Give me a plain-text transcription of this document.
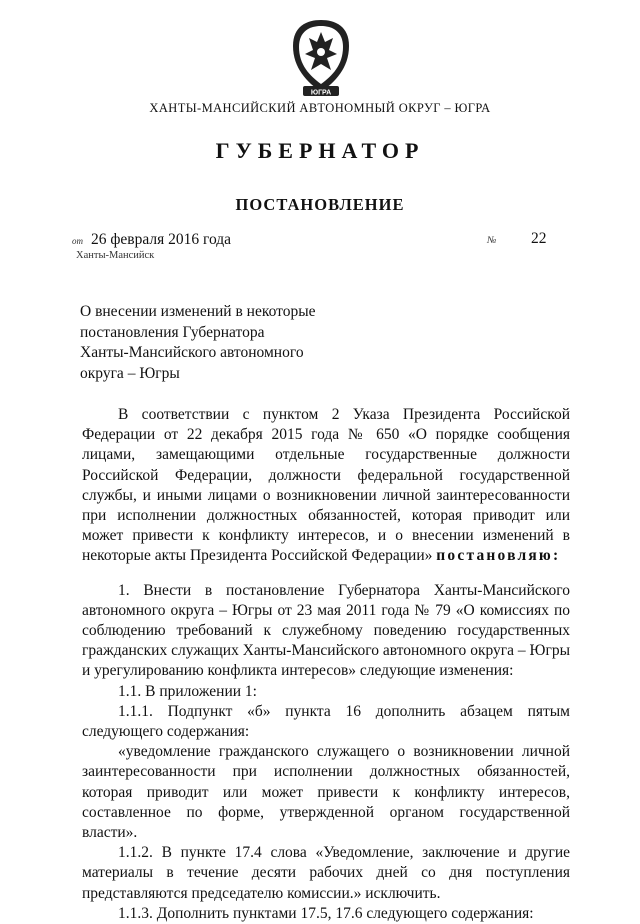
ЮГРА
ХАНТЫ-МАНСИЙСКИЙ АВТОНОМНЫЙ ОКРУГ – ЮГРА
ГУБЕРНАТОР
ПОСТАНОВЛЕНИЕ
от 26 февраля 2016 года
Ханты-Мансийск
№ 22
О внесении изменений в некоторые
постановления Губернатора
Ханты-Мансийского автономного
округа – Югры

В соответствии с пунктом 2 Указа Президента Российской Федерации от 22 декабря 2015 года № 650 «О порядке сообщения лицами, замещающими отдельные государственные должности Российской Федерации, должности федеральной государственной службы, и иными лицами о возникновении личной заинтересованности при исполнении должностных обязанностей, которая приводит или может привести к конфликту интересов, и о внесении изменений в некоторые акты Президента Российской Федерации» постановляю:

1. Внести в постановление Губернатора Ханты-Мансийского автономного округа – Югры от 23 мая 2011 года № 79 «О комиссиях по соблюдению требований к служебному поведению государственных гражданских служащих Ханты-Мансийского автономного округа – Югры и урегулированию конфликта интересов» следующие изменения:

1.1. В приложении 1:

1.1.1. Подпункт «б» пункта 16 дополнить абзацем пятым следующего содержания:

«уведомление гражданского служащего о возникновении личной заинтересованности при исполнении должностных обязанностей, которая приводит или может привести к конфликту интересов, составленное по форме, утвержденной органом государственной власти».

1.1.2. В пункте 17.4 слова «Уведомление, заключение и другие материалы в течение десяти рабочих дней со дня поступления представляются председателю комиссии.» исключить.

1.1.3. Дополнить пунктами 17.5, 17.6 следующего содержания:
